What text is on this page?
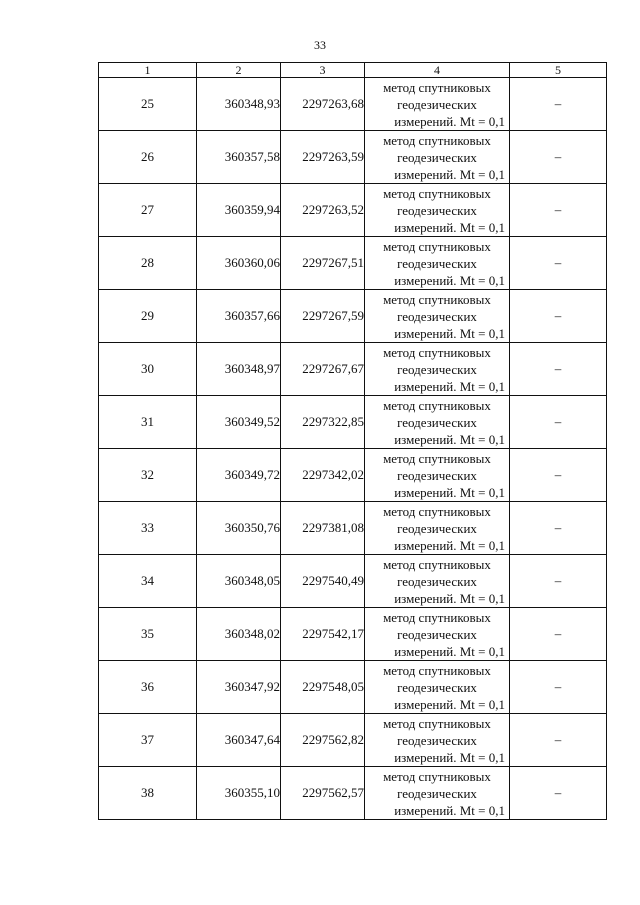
33
1	2	3	4	5
25	360348,93	2297263,68	метод спутниковых
геодезических
измерений. Mt = 0,1	–
26	360357,58	2297263,59	метод спутниковых
геодезических
измерений. Mt = 0,1	–
27	360359,94	2297263,52	метод спутниковых
геодезических
измерений. Mt = 0,1	–
28	360360,06	2297267,51	метод спутниковых
геодезических
измерений. Mt = 0,1	–
29	360357,66	2297267,59	метод спутниковых
геодезических
измерений. Mt = 0,1	–
30	360348,97	2297267,67	метод спутниковых
геодезических
измерений. Mt = 0,1	–
31	360349,52	2297322,85	метод спутниковых
геодезических
измерений. Mt = 0,1	–
32	360349,72	2297342,02	метод спутниковых
геодезических
измерений. Mt = 0,1	–
33	360350,76	2297381,08	метод спутниковых
геодезических
измерений. Mt = 0,1	–
34	360348,05	2297540,49	метод спутниковых
геодезических
измерений. Mt = 0,1	–
35	360348,02	2297542,17	метод спутниковых
геодезических
измерений. Mt = 0,1	–
36	360347,92	2297548,05	метод спутниковых
геодезических
измерений. Mt = 0,1	–
37	360347,64	2297562,82	метод спутниковых
геодезических
измерений. Mt = 0,1	–
38	360355,10	2297562,57	метод спутниковых
геодезических
измерений. Mt = 0,1	–
